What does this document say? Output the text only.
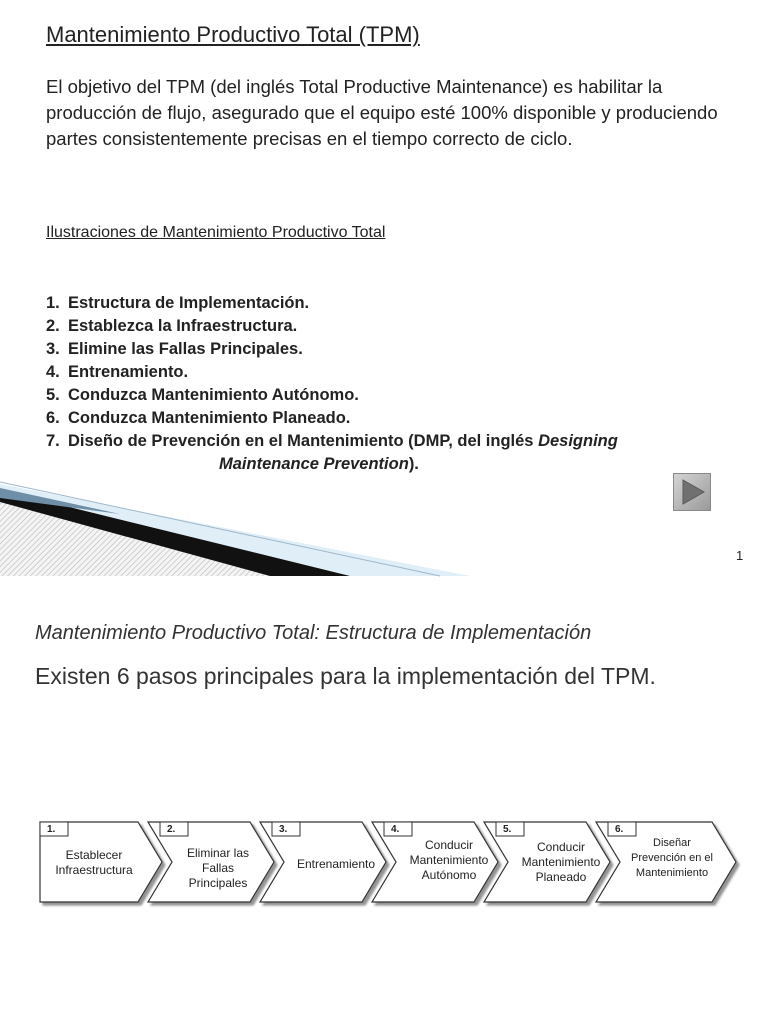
Mantenimiento Productivo Total (TPM)

El objetivo del TPM (del inglés Total Productive Maintenance) es habilitar la producción de flujo, asegurado que el equipo esté 100% disponible y produciendo partes consistentemente precisas en el tiempo correcto de ciclo.

Ilustraciones de Mantenimiento Productivo Total

1. Estructura de Implementación.
2. Establezca la Infraestructura.
3. Elimine las Fallas Principales.
4. Entrenamiento.
5. Conduzca Mantenimiento Autónomo.
6. Conduzca Mantenimiento Planeado.
7. Diseño de Prevención en el Mantenimiento (DMP, del inglés Designing
Maintenance Prevention).
1
Mantenimiento Productivo Total: Estructura de Implementación

Existen 6 pasos principales para la implementación del TPM.

1.	2.	3.	4.	5.	6.
Establecer
Infraestructura
Eliminar las
Fallas
Principales
Entrenamiento
Conducir
Mantenimiento
Autónomo
Conducir
Mantenimiento
Planeado
Diseñar
Prevención en el
Mantenimiento
